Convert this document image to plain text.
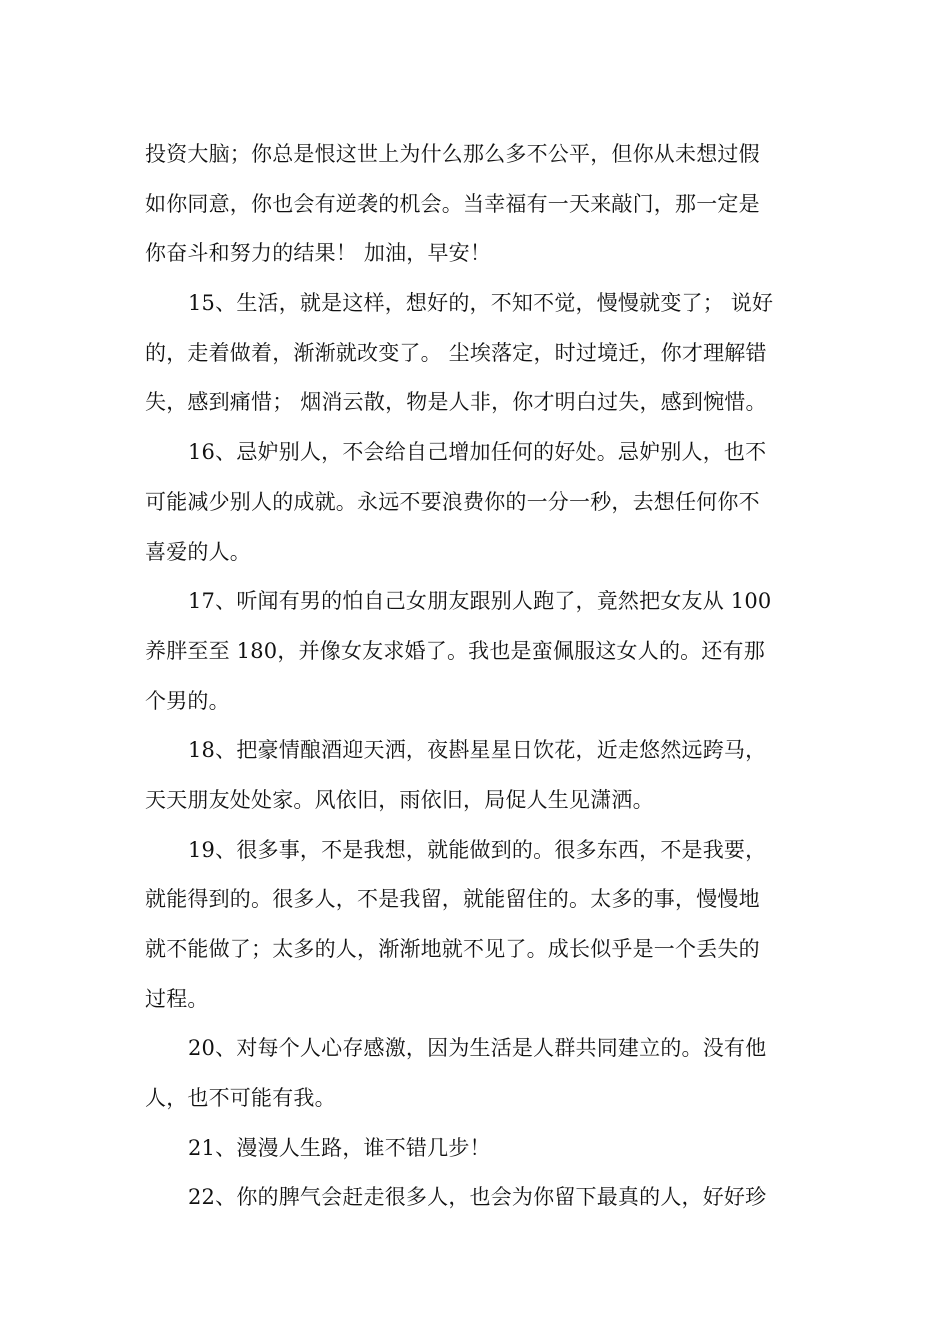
投资大脑；你总是恨这世上为什么那么多不公平，但你从未想过假
如你同意，你也会有逆袭的机会。当幸福有一天来敲门，那一定是
你奋斗和努力的结果！ 加油，早安！
15、生活，就是这样，想好的，不知不觉，慢慢就变了； 说好
的，走着做着，渐渐就改变了。 尘埃落定，时过境迁，你才理解错
失，感到痛惜； 烟消云散，物是人非，你才明白过失，感到惋惜。
16、忌妒别人，不会给自己增加任何的好处。忌妒别人，也不
可能减少别人的成就。永远不要浪费你的一分一秒，去想任何你不
喜爱的人。
17、听闻有男的怕自己女朋友跟别人跑了，竟然把女友从 100
养胖至至 180，并像女友求婚了。我也是蛮佩服这女人的。还有那
个男的。
18、把豪情酿酒迎天洒，夜斟星星日饮花，近走悠然远跨马，
天天朋友处处家。风依旧，雨依旧，局促人生见潇洒。
19、很多事，不是我想，就能做到的。很多东西，不是我要，
就能得到的。很多人，不是我留，就能留住的。太多的事，慢慢地
就不能做了；太多的人，渐渐地就不见了。成长似乎是一个丢失的
过程。
20、对每个人心存感激，因为生活是人群共同建立的。没有他
人，也不可能有我。
21、漫漫人生路，谁不错几步！
22、你的脾气会赶走很多人，也会为你留下最真的人，好好珍
